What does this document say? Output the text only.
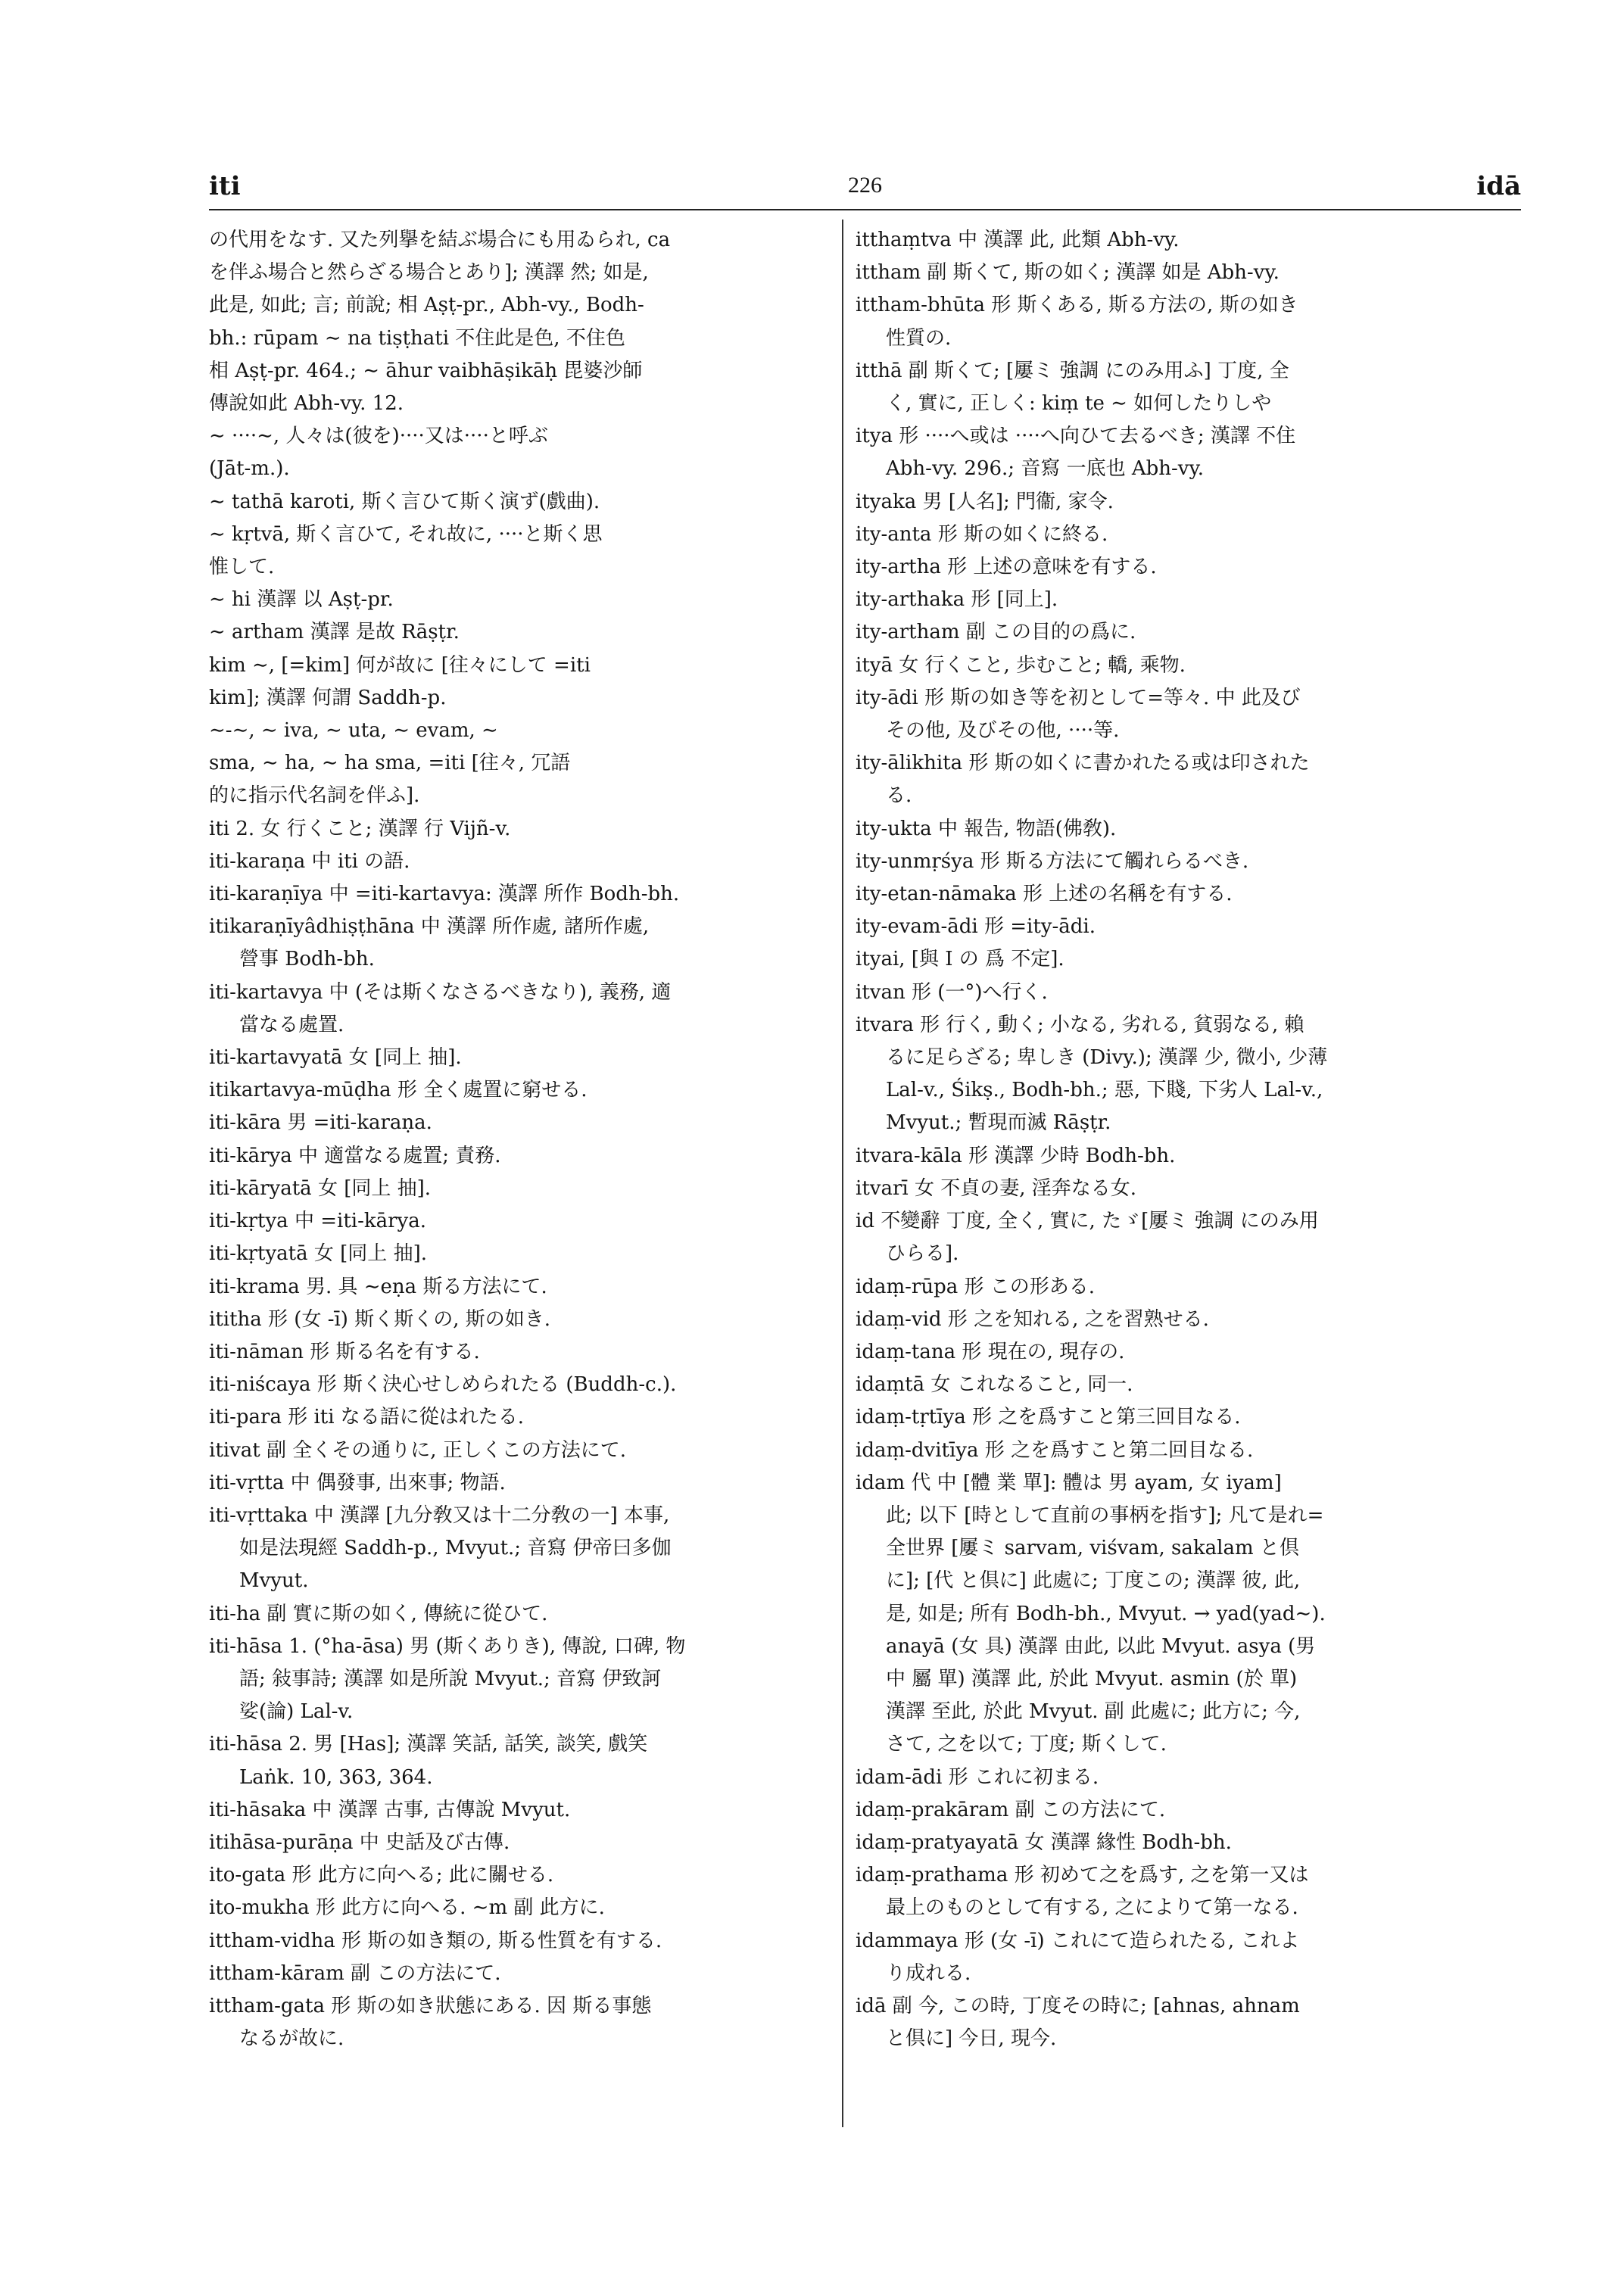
iti	226	idā
の代用をなす. 又た列擧を結ぶ場合にも用ゐられ, ca
を伴ふ場合と然らざる場合とあり]; 漢譯 然; 如是,
此是, 如此; 言; 前說; 相 Aṣṭ-pr., Abh-vy., Bodh-
bh.: rūpam ∼ na tiṣṭhati 不住此是色, 不住色
相 Aṣṭ-pr. 464.; ∼ āhur vaibhāṣikāḥ 毘婆沙師
傳說如此 Abh-vy. 12.
∼ ····∼, 人々は(彼を)····又は····と呼ぶ
(Jāt-m.).
∼ tathā karoti, 斯く言ひて斯く演ず(戲曲).
∼ kṛtvā, 斯く言ひて, それ故に, ····と斯く思
惟して.
∼ hi 漢譯 以 Aṣṭ-pr.
∼ artham 漢譯 是故 Rāṣṭr.
kim ∼, [=kim] 何が故に [往々にして =iti
kim]; 漢譯 何謂 Saddh-p.
∼-∼, ∼ iva, ∼ uta, ∼ evam, ∼
sma, ∼ ha, ∼ ha sma, =iti [往々, 冗語
的に指示代名詞を伴ふ].
iti 2. 女 行くこと; 漢譯 行 Vijñ-v.
iti-karaṇa 中 iti の語.
iti-karaṇīya 中 =iti-kartavya: 漢譯 所作 Bodh-bh.
itikaraṇīyâdhiṣṭhāna 中 漢譯 所作處, 諸所作處,
營事 Bodh-bh.
iti-kartavya 中 (そは斯くなさるべきなり), 義務, 適
當なる處置.
iti-kartavyatā 女 [同上 抽].
itikartavya-mūḍha 形 全く處置に窮せる.
iti-kāra 男 =iti-karaṇa.
iti-kārya 中 適當なる處置; 責務.
iti-kāryatā 女 [同上 抽].
iti-kṛtya 中 =iti-kārya.
iti-kṛtyatā 女 [同上 抽].
iti-krama 男. 具 ∼eṇa 斯る方法にて.
ititha 形 (女 -ī) 斯く斯くの, 斯の如き.
iti-nāman 形 斯る名を有する.
iti-niścaya 形 斯く決心せしめられたる (Buddh-c.).
iti-para 形 iti なる語に從はれたる.
itivat 副 全くその通りに, 正しくこの方法にて.
iti-vṛtta 中 偶發事, 出來事; 物語.
iti-vṛttaka 中 漢譯 [九分敎又は十二分敎の一] 本事,
如是法現經 Saddh-p., Mvyut.; 音寫 伊帝曰多伽
Mvyut.
iti-ha 副 實に斯の如く, 傳統に從ひて.
iti-hāsa 1. (°ha-āsa) 男 (斯くありき), 傳說, 口碑, 物
語; 敍事詩; 漢譯 如是所說 Mvyut.; 音寫 伊致訶
娑(論) Lal-v.
iti-hāsa 2. 男 [Has]; 漢譯 笑話, 話笑, 談笑, 戲笑
Laṅk. 10, 363, 364.
iti-hāsaka 中 漢譯 古事, 古傳說 Mvyut.
itihāsa-purāṇa 中 史話及び古傳.
ito-gata 形 此方に向へる; 此に關せる.
ito-mukha 形 此方に向へる. ∼m 副 此方に.
ittham-vidha 形 斯の如き類の, 斯る性質を有する.
ittham-kāram 副 この方法にて.
ittham-gata 形 斯の如き狀態にある. 因 斯る事態
なるが故に.
itthaṃtva 中 漢譯 此, 此類 Abh-vy.
ittham 副 斯くて, 斯の如く; 漢譯 如是 Abh-vy.
ittham-bhūta 形 斯くある, 斯る方法の, 斯の如き
性質の.
itthā 副 斯くて; [屢ミ 強調 にのみ用ふ] 丁度, 全
く, 實に, 正しく: kiṃ te ∼ 如何したりしや
itya 形 ····へ或は ····へ向ひて去るべき; 漢譯 不住
Abh-vy. 296.; 音寫 一底也 Abh-vy.
ityaka 男 [人名]; 門衞, 家令.
ity-anta 形 斯の如くに終る.
ity-artha 形 上述の意味を有する.
ity-arthaka 形 [同上].
ity-artham 副 この目的の爲に.
ityā 女 行くこと, 歩むこと; 轎, 乘物.
ity-ādi 形 斯の如き等を初として=等々. 中 此及び
その他, 及びその他, ····等.
ity-ālikhita 形 斯の如くに書かれたる或は印された
る.
ity-ukta 中 報告, 物語(佛敎).
ity-unmṛśya 形 斯る方法にて觸れらるべき.
ity-etan-nāmaka 形 上述の名稱を有する.
ity-evam-ādi 形 =ity-ādi.
ityai, [與 I の 爲 不定].
itvan 形 (一°)へ行く.
itvara 形 行く, 動く; 小なる, 劣れる, 貧弱なる, 賴
るに足らざる; 卑しき (Divy.); 漢譯 少, 微小, 少薄
Lal-v., Śikṣ., Bodh-bh.; 惡, 下賤, 下劣人 Lal-v.,
Mvyut.; 暫現而滅 Rāṣṭr.
itvara-kāla 形 漢譯 少時 Bodh-bh.
itvarī 女 不貞の妻, 淫奔なる女.
id 不變辭 丁度, 全く, 實に, たゞ[屢ミ 強調 にのみ用
ひらる].
idaṃ-rūpa 形 この形ある.
idaṃ-vid 形 之を知れる, 之を習熟せる.
idaṃ-tana 形 現在の, 現存の.
idaṃtā 女 これなること, 同一.
idaṃ-tṛtīya 形 之を爲すこと第三回目なる.
idaṃ-dvitīya 形 之を爲すこと第二回目なる.
idam 代 中 [體 業 單]: 體は 男 ayam, 女 iyam]
此; 以下 [時として直前の事柄を指す]; 凡て是れ=
全世界 [屢ミ sarvam, viśvam, sakalam と倶
に]; [代 と倶に] 此處に; 丁度この; 漢譯 彼, 此,
是, 如是; 所有 Bodh-bh., Mvyut. → yad(yad∼).
anayā (女 具) 漢譯 由此, 以此 Mvyut. asya (男
中 屬 單) 漢譯 此, 於此 Mvyut. asmin (於 單)
漢譯 至此, 於此 Mvyut. 副 此處に; 此方に; 今,
さて, 之を以て; 丁度; 斯くして.
idam-ādi 形 これに初まる.
idaṃ-prakāram 副 この方法にて.
idaṃ-pratyayatā 女 漢譯 緣性 Bodh-bh.
idaṃ-prathama 形 初めて之を爲す, 之を第一又は
最上のものとして有する, 之によりて第一なる.
idammaya 形 (女 -ī) これにて造られたる, これよ
り成れる.
idā 副 今, この時, 丁度その時に; [ahnas, ahnam
と倶に] 今日, 現今.
